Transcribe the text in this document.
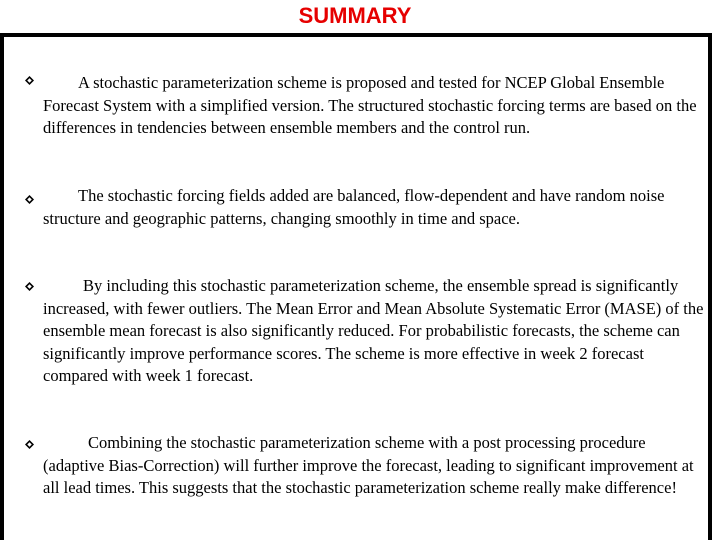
SUMMARY
A stochastic parameterization scheme is proposed and tested for NCEP Global Ensemble Forecast System with a simplified version. The structured stochastic forcing terms are based on the differences in tendencies between ensemble members and the control run.
The stochastic forcing fields added are balanced, flow-dependent and have random noise structure and geographic patterns, changing smoothly in time and space.
By including this stochastic parameterization scheme, the ensemble spread is significantly increased, with fewer outliers. The Mean Error and Mean Absolute Systematic Error (MASE) of the ensemble mean forecast is also significantly reduced. For probabilistic forecasts, the scheme can significantly improve performance scores. The scheme is more effective in week 2 forecast compared with week 1 forecast.
Combining the stochastic parameterization scheme with a post processing procedure (adaptive Bias-Correction) will further improve the forecast, leading to significant improvement at all lead times. This suggests that the stochastic parameterization scheme really make difference!
